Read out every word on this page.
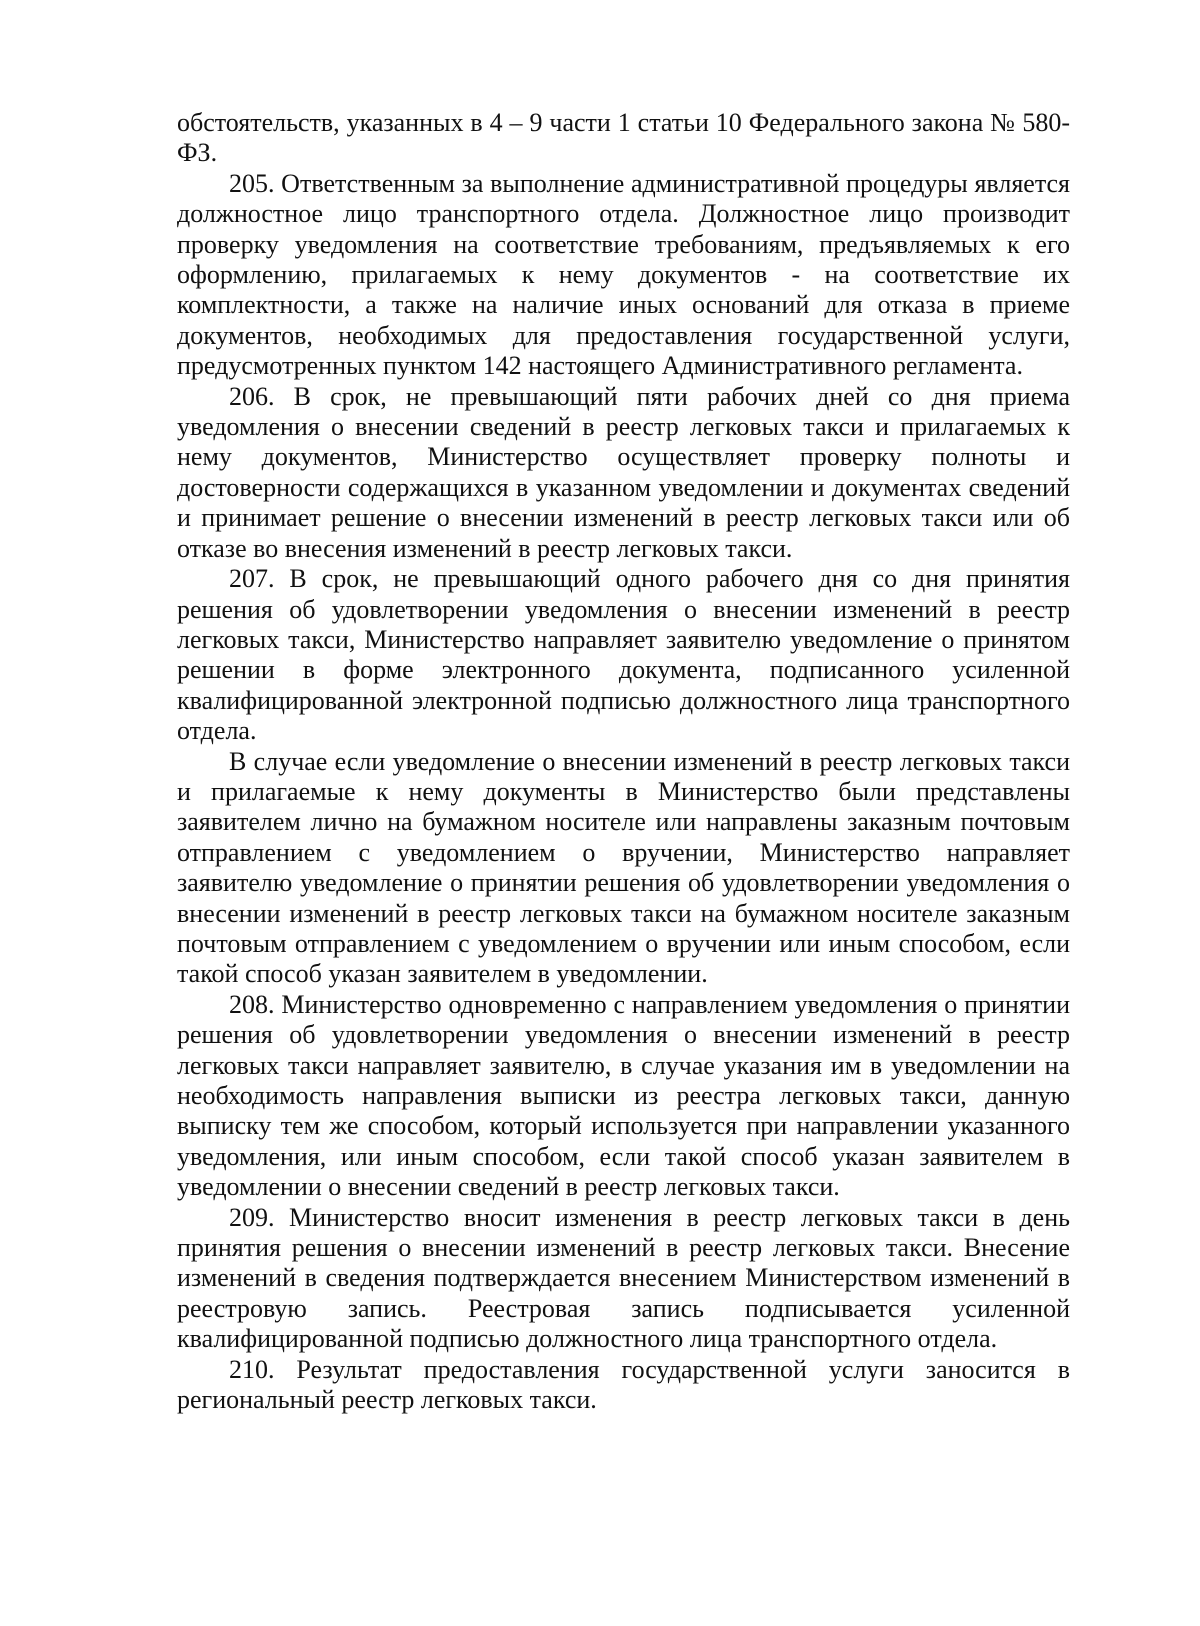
обстоятельств, указанных в 4 – 9 части 1 статьи 10 Федерального закона № 580-ФЗ.

205. Ответственным за выполнение административной процедуры является должностное лицо транспортного отдела. Должностное лицо производит проверку уведомления на соответствие требованиям, предъявляемых к его оформлению, прилагаемых к нему документов - на соответствие их комплектности, а также на наличие иных оснований для отказа в приеме документов, необходимых для предоставления государственной услуги, предусмотренных пунктом 142 настоящего Административного регламента.

206. В срок, не превышающий пяти рабочих дней со дня приема уведомления о внесении сведений в реестр легковых такси и прилагаемых к нему документов, Министерство осуществляет проверку полноты и достоверности содержащихся в указанном уведомлении и документах сведений и принимает решение о внесении изменений в реестр легковых такси или об отказе во внесения изменений в реестр легковых такси.

207. В срок, не превышающий одного рабочего дня со дня принятия решения об удовлетворении уведомления о внесении изменений в реестр легковых такси, Министерство направляет заявителю уведомление о принятом решении в форме электронного документа, подписанного усиленной квалифицированной электронной подписью должностного лица транспортного отдела.

В случае если уведомление о внесении изменений в реестр легковых такси и прилагаемые к нему документы в Министерство были представлены заявителем лично на бумажном носителе или направлены заказным почтовым отправлением с уведомлением о вручении, Министерство направляет заявителю уведомление о принятии решения об удовлетворении уведомления о внесении изменений в реестр легковых такси на бумажном носителе заказным почтовым отправлением с уведомлением о вручении или иным способом, если такой способ указан заявителем в уведомлении.

208. Министерство одновременно с направлением уведомления о принятии решения об удовлетворении уведомления о внесении изменений в реестр легковых такси направляет заявителю, в случае указания им в уведомлении на необходимость направления выписки из реестра легковых такси, данную выписку тем же способом, который используется при направлении указанного уведомления, или иным способом, если такой способ указан заявителем в уведомлении о внесении сведений в реестр легковых такси.

209. Министерство вносит изменения в реестр легковых такси в день принятия решения о внесении изменений в реестр легковых такси. Внесение изменений в сведения подтверждается внесением Министерством изменений в реестровую запись. Реестровая запись подписывается усиленной квалифицированной подписью должностного лица транспортного отдела.

210. Результат предоставления государственной услуги заносится в региональный реестр легковых такси.
